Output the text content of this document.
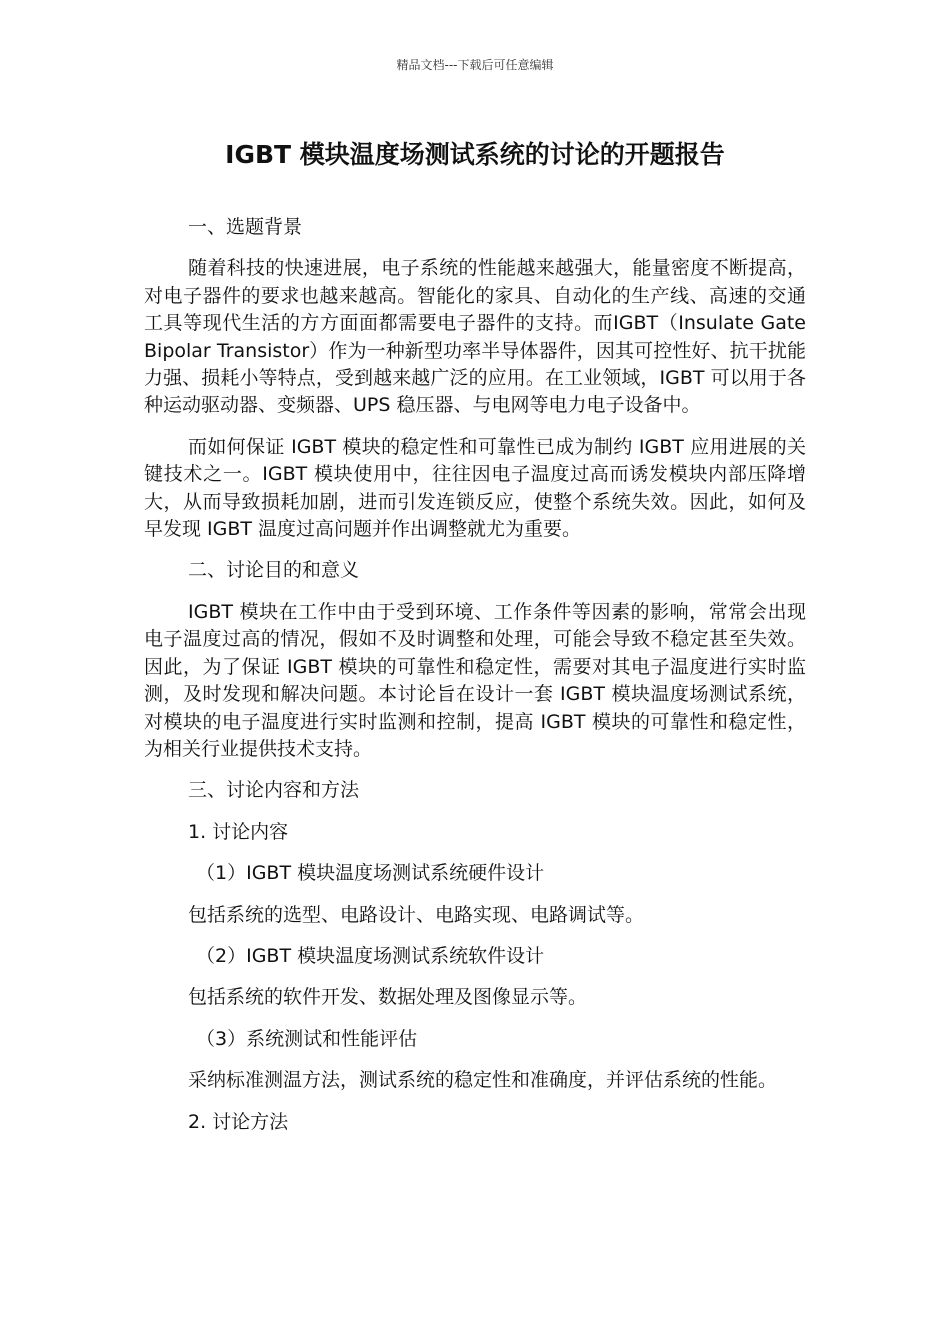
精品文档---下载后可任意编辑
IGBT 模块温度场测试系统的讨论的开题报告

一、选题背景

随着科技的快速进展，电子系统的性能越来越强大，能量密度不断提高，对电子器件的要求也越来越高。智能化的家具、自动化的生产线、高速的交通工具等现代生活的方方面面都需要电子器件的支持。而IGBT（Insulate Gate Bipolar Transistor）作为一种新型功率半导体器件，因其可控性好、抗干扰能力强、损耗小等特点，受到越来越广泛的应用。在工业领域，IGBT 可以用于各种运动驱动器、变频器、UPS 稳压器、与电网等电力电子设备中。

而如何保证 IGBT 模块的稳定性和可靠性已成为制约 IGBT 应用进展的关键技术之一。IGBT 模块使用中，往往因电子温度过高而诱发模块内部压降增大，从而导致损耗加剧，进而引发连锁反应，使整个系统失效。因此，如何及早发现 IGBT 温度过高问题并作出调整就尤为重要。

二、讨论目的和意义

IGBT 模块在工作中由于受到环境、工作条件等因素的影响，常常会出现电子温度过高的情况，假如不及时调整和处理，可能会导致不稳定甚至失效。因此，为了保证 IGBT 模块的可靠性和稳定性，需要对其电子温度进行实时监测，及时发现和解决问题。本讨论旨在设计一套 IGBT 模块温度场测试系统，对模块的电子温度进行实时监测和控制，提高 IGBT 模块的可靠性和稳定性，为相关行业提供技术支持。

三、讨论内容和方法

1. 讨论内容

（1）IGBT 模块温度场测试系统硬件设计

包括系统的选型、电路设计、电路实现、电路调试等。

（2）IGBT 模块温度场测试系统软件设计

包括系统的软件开发、数据处理及图像显示等。

（3）系统测试和性能评估

采纳标准测温方法，测试系统的稳定性和准确度，并评估系统的性能。

2. 讨论方法
